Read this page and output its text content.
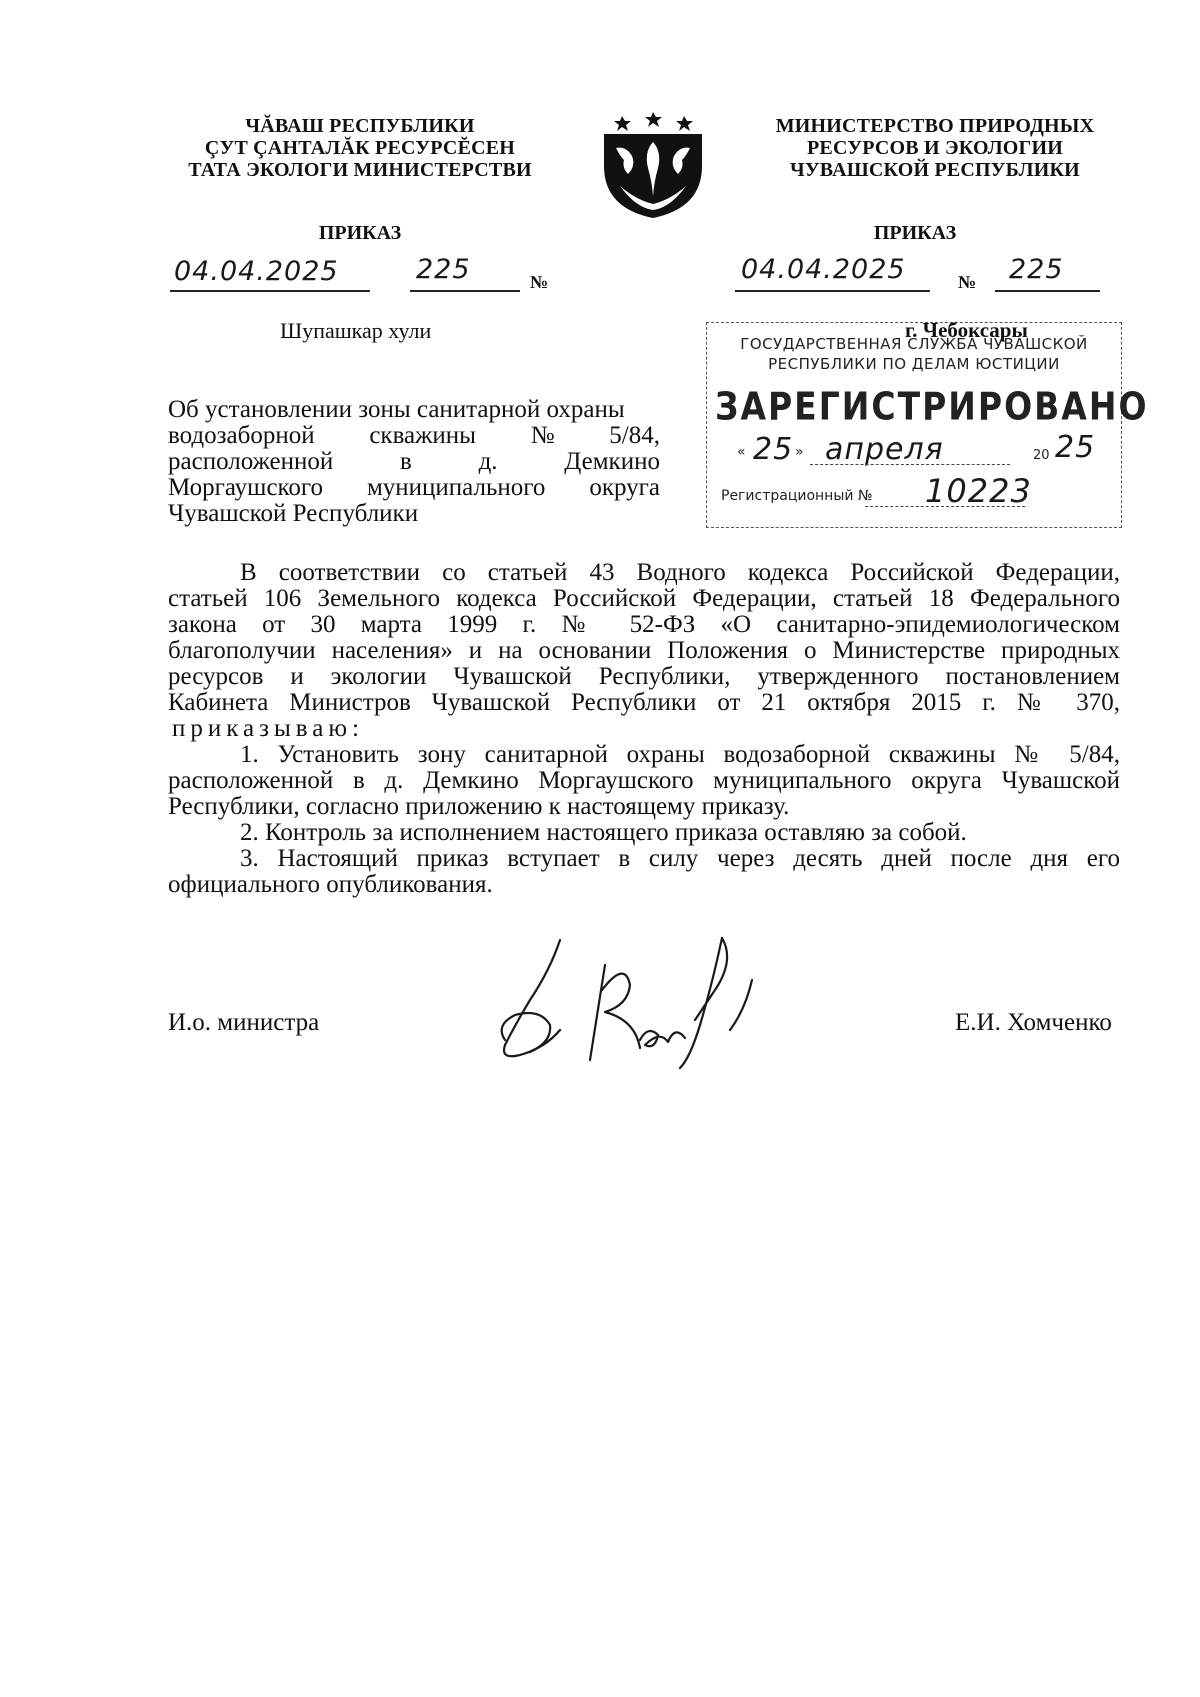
ЧĂВАШ РЕСПУБЛИКИ
ÇУТ ÇАНТАЛĂК РЕСУРСĔСЕН
ТАТА ЭКОЛОГИ МИНИСТЕРСТВИ
МИНИСТЕРСТВО ПРИРОДНЫХ
РЕСУРСОВ И ЭКОЛОГИИ
ЧУВАШСКОЙ РЕСПУБЛИКИ
ПРИКАЗ	ПРИКАЗ
04.04.2025	225	№	04.04.2025	№ 225
Шупашкар хули	г. Чебоксары
ГОСУДАРСТВЕННАЯ СЛУЖБА ЧУВАШСКОЙ
РЕСПУБЛИКИ ПО ДЕЛАМ ЮСТИЦИИ
ЗАРЕГИСТРИРОВАНО
« 25 » апреля	20 25
Регистрационный № 10223
Об установлении зоны санитарной охраны
водозаборной скважины № 5/84,
расположенной	в	д.	Демкино
Моргаушского муниципального округа
Чувашской Республики
В соответствии со статьей 43 Водного кодекса Российской Федерации,
статьей 106 Земельного кодекса Российской Федерации, статьей 18 Федерального
закона от 30 марта 1999 г. № 52-ФЗ «О санитарно-эпидемиологическом
благополучии населения» и на основании Положения о Министерстве природных
ресурсов и экологии Чувашской Республики, утвержденного постановлением
Кабинета Министров Чувашской Республики от 21 октября 2015 г. № 370,
приказываю:
1. Установить зону санитарной охраны водозаборной скважины № 5/84,
расположенной в д. Демкино Моргаушского муниципального округа Чувашской
Республики, согласно приложению к настоящему приказу.
2. Контроль за исполнением настоящего приказа оставляю за собой.
3. Настоящий приказ вступает в силу через десять дней после дня его
официального опубликования.
И.о. министра	Е.И. Хомченко
